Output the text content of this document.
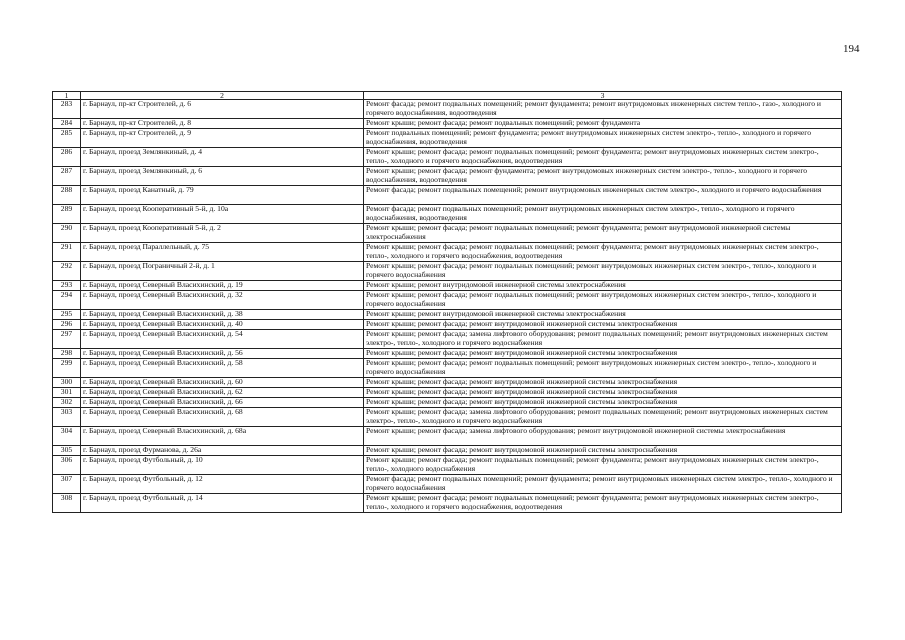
194
1	2	3
283	г. Барнаул, пр-кт Строителей, д. 6	Ремонт фасада; ремонт подвальных помещений; ремонт фундамента; ремонт внутридомовых инженерных систем тепло-, газо-, холодного и горячего водоснабжения, водоотведения
284	г. Барнаул, пр-кт Строителей, д. 8	Ремонт крыши; ремонт фасада; ремонт подвальных помещений; ремонт фундамента
285	г. Барнаул, пр-кт Строителей, д. 9	Ремонт подвальных помещений; ремонт фундамента; ремонт внутридомовых инженерных систем электро-, тепло-, холодного и горячего водоснабжения, водоотведения
286	г. Барнаул, проезд Землянкиный, д. 4	Ремонт крыши; ремонт фасада; ремонт подвальных помещений; ремонт фундамента; ремонт внутридомовых инженерных систем электро-, тепло-, холодного и горячего водоснабжения, водоотведения
287	г. Барнаул, проезд Землянкиный, д. 6	Ремонт крыши; ремонт фасада; ремонт фундамента; ремонт внутридомовых инженерных систем электро-, тепло-, холодного и горячего водоснабжения, водоотведения
288	г. Барнаул, проезд Канатный, д. 79	Ремонт фасада; ремонт подвальных помещений; ремонт внутридомовых инженерных систем электро-, холодного и горячего водоснабжения
289	г. Барнаул, проезд Кооперативный 5-й, д. 10а	Ремонт фасада; ремонт подвальных помещений; ремонт внутридомовых инженерных систем электро-, тепло-, холодного и горячего водоснабжения, водоотведения
290	г. Барнаул, проезд Кооперативный 5-й, д. 2	Ремонт крыши; ремонт фасада; ремонт подвальных помещений; ремонт фундамента; ремонт внутридомовой инженерной системы электроснабжения
291	г. Барнаул, проезд Параллельный, д. 75	Ремонт крыши; ремонт фасада; ремонт подвальных помещений; ремонт фундамента; ремонт внутридомовых инженерных систем электро-, тепло-, холодного и горячего водоснабжения, водоотведения
292	г. Барнаул, проезд Пограничный 2-й, д. 1	Ремонт крыши; ремонт фасада; ремонт подвальных помещений; ремонт внутридомовых инженерных систем электро-, тепло-, холодного и горячего водоснабжения
293	г. Барнаул, проезд Северный Власихинский, д. 19	Ремонт крыши; ремонт внутридомовой инженерной системы электроснабжения
294	г. Барнаул, проезд Северный Власихинский, д. 32	Ремонт крыши; ремонт фасада; ремонт подвальных помещений; ремонт внутридомовых инженерных систем электро-, тепло-, холодного и горячего водоснабжения
295	г. Барнаул, проезд Северный Власихинский, д. 38	Ремонт крыши; ремонт внутридомовой инженерной системы электроснабжения
296	г. Барнаул, проезд Северный Власихинский, д. 40	Ремонт крыши; ремонт фасада; ремонт внутридомовой инженерной системы электроснабжения
297	г. Барнаул, проезд Северный Власихинский, д. 54	Ремонт крыши; ремонт фасада; замена лифтового оборудования; ремонт подвальных помещений; ремонт внутридомовых инженерных систем электро-, тепло-, холодного и горячего водоснабжения
298	г. Барнаул, проезд Северный Власихинский, д. 56	Ремонт крыши; ремонт фасада; ремонт внутридомовой инженерной системы электроснабжения
299	г. Барнаул, проезд Северный Власихинский, д. 58	Ремонт крыши; ремонт фасада; ремонт подвальных помещений; ремонт внутридомовых инженерных систем электро-, тепло-, холодного и горячего водоснабжения
300	г. Барнаул, проезд Северный Власихинский, д. 60	Ремонт крыши; ремонт фасада; ремонт внутридомовой инженерной системы электроснабжения
301	г. Барнаул, проезд Северный Власихинский, д. 62	Ремонт крыши; ремонт фасада; ремонт внутридомовой инженерной системы электроснабжения
302	г. Барнаул, проезд Северный Власихинский, д. 66	Ремонт крыши; ремонт фасада; ремонт внутридомовой инженерной системы электроснабжения
303	г. Барнаул, проезд Северный Власихинский, д. 68	Ремонт крыши; ремонт фасада; замена лифтового оборудования; ремонт подвальных помещений; ремонт внутридомовых инженерных систем электро-, тепло-, холодного и горячего водоснабжения
304	г. Барнаул, проезд Северный Власихинский, д. 68а	Ремонт крыши; ремонт фасада; замена лифтового оборудования; ремонт внутридомовой инженерной системы электроснабжения
305	г. Барнаул, проезд Фурманова, д. 26а	Ремонт крыши; ремонт фасада; ремонт внутридомовой инженерной системы электроснабжения
306	г. Барнаул, проезд Футбольный, д. 10	Ремонт крыши; ремонт фасада; ремонт подвальных помещений; ремонт фундамента; ремонт внутридомовых инженерных систем электро-, тепло-, холодного водоснабжения
307	г. Барнаул, проезд Футбольный, д. 12	Ремонт фасада; ремонт подвальных помещений; ремонт фундамента; ремонт внутридомовых инженерных систем электро-, тепло-, холодного и горячего водоснабжения
308	г. Барнаул, проезд Футбольный, д. 14	Ремонт крыши; ремонт фасада; ремонт подвальных помещений; ремонт фундамента; ремонт внутридомовых инженерных систем электро-, тепло-, холодного и горячего водоснабжения, водоотведения
